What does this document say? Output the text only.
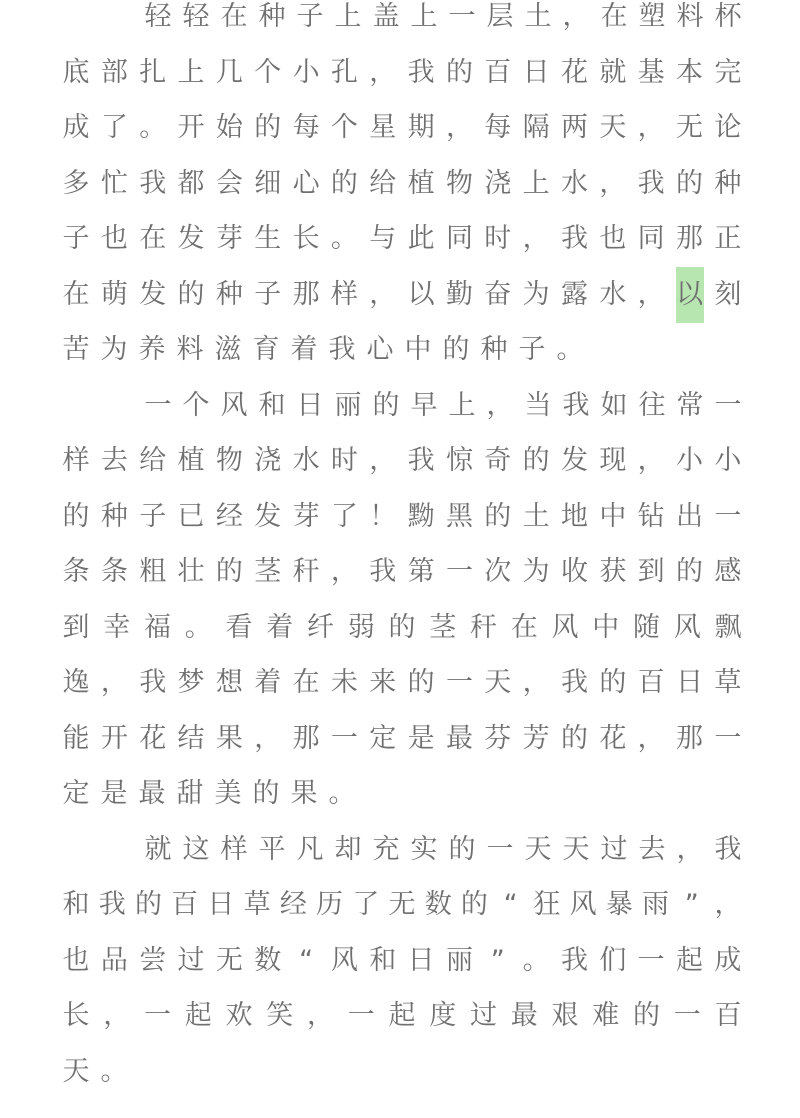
轻 轻 在 种 子 上 盖 上 一 层 土 ， 在 塑 料 杯
底 部 扎 上 几 个 小 孔 ， 我 的 百 日 花 就 基 本 完
成 了 。 开 始 的 每 个 星 期 ， 每 隔 两 天 ， 无 论
多 忙 我 都 会 细 心 的 给 植 物 浇 上 水 ， 我 的 种
子 也 在 发 芽 生 长 。 与 此 同 时 ， 我 也 同 那 正
在 萌 发 的 种 子 那 样 ， 以 勤 奋 为 露 水 ， 以 刻
苦 为 养 料 滋 育 着 我 心 中 的 种 子 。
一 个 风 和 日 丽 的 早 上 ， 当 我 如 往 常 一
样 去 给 植 物 浇 水 时 ， 我 惊 奇 的 发 现 ， 小 小
的 种 子 已 经 发 芽 了 ！ 黝 黑 的 土 地 中 钻 出 一
条 条 粗 壮 的 茎 秆 ， 我 第 一 次 为 收 获 到 的 感
到 幸 福 。 看 着 纤 弱 的 茎 秆 在 风 中 随 风 飘
逸 ， 我 梦 想 着 在 未 来 的 一 天 ， 我 的 百 日 草
能 开 花 结 果 ， 那 一 定 是 最 芬 芳 的 花 ， 那 一
定 是 最 甜 美 的 果 。
就 这 样 平 凡 却 充 实 的 一 天 天 过 去 ， 我
和 我 的 百 日 草 经 历 了 无 数 的 “ 狂 风 暴 雨 ” ，
也 品 尝 过 无 数 “ 风 和 日 丽 ” 。 我 们 一 起 成
长 ， 一 起 欢 笑 ， 一 起 度 过 最 艰 难 的 一 百
天 。
